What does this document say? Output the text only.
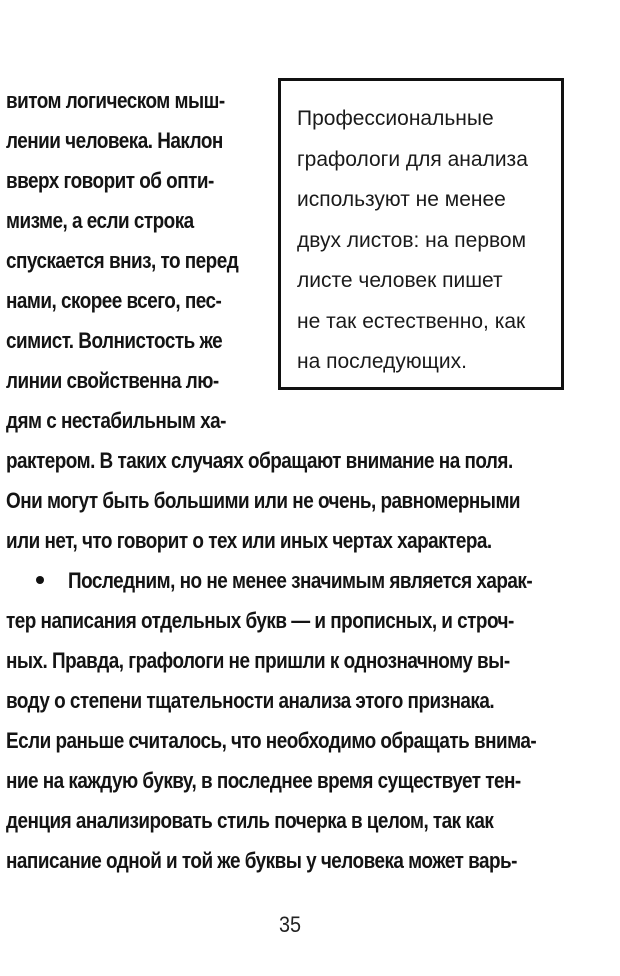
витом логическом мыш-
лении человека. Наклон
вверх говорит об опти-
мизме, а если строка
спускается вниз, то перед
нами, скорее всего, пес-
симист. Волнистость же
линии свойственна лю-
дям с нестабильным ха-
Профессиональные
графологи для анализа
используют не менее
двух листов: на первом
листе человек пишет
не так естественно, как
на последующих.
рактером. В таких случаях обращают внимание на поля.
Они могут быть большими или не очень, равномерными
или нет, что говорит о тех или иных чертах характера.
Последним, но не менее значимым является харак-
тер написания отдельных букв — и прописных, и строч-
ных. Правда, графологи не пришли к однозначному вы-
воду о степени тщательности анализа этого признака.
Если раньше считалось, что необходимо обращать внима-
ние на каждую букву, в последнее время существует тен-
денция анализировать стиль почерка в целом, так как
написание одной и той же буквы у человека может варь-
35
